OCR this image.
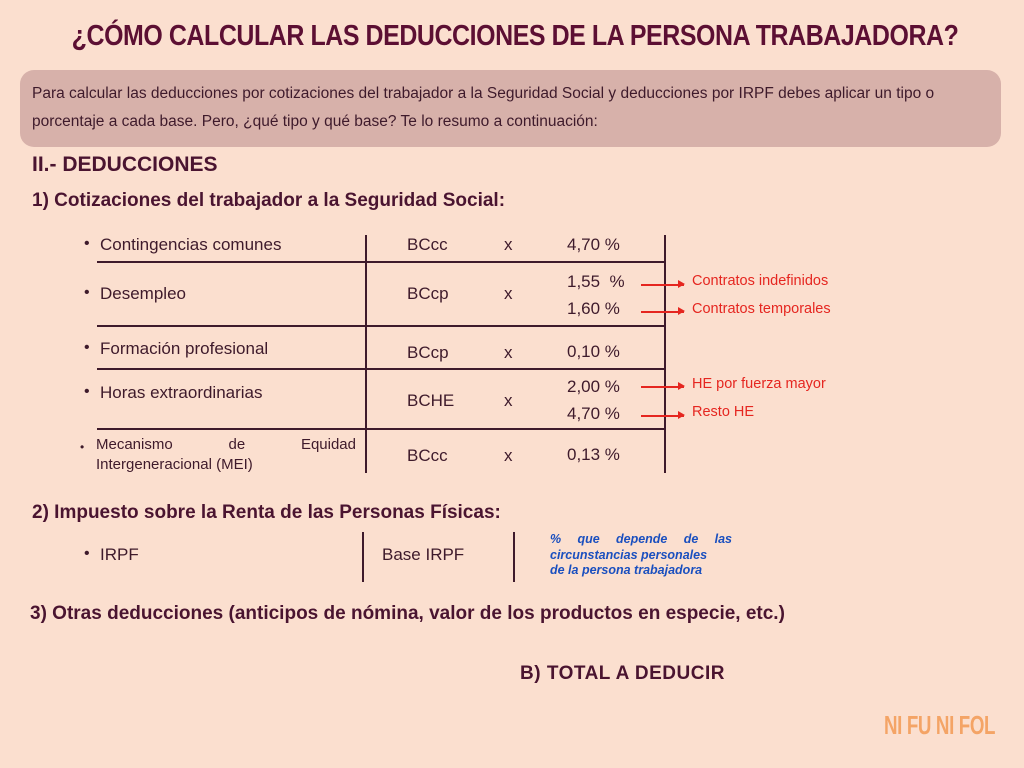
¿CÓMO CALCULAR LAS DEDUCCIONES DE LA PERSONA TRABAJADORA?
Para calcular las deducciones por cotizaciones del trabajador a la Seguridad Social y deducciones por IRPF debes aplicar un tipo o porcentaje a cada base. Pero, ¿qué tipo y qué base? Te lo resumo a continuación:
II.- DEDUCCIONES
1) Cotizaciones del trabajador a la Seguridad Social:
• Contingencias comunes	BCcc	x	4,70 %
• Desempleo	BCcp	x
1,55  %
1,60 %
Contratos indefinidos
Contratos temporales
• Formación profesional	BCcp	x	0,10 %
• Horas extraordinarias	BCHE	x
2,00 %
4,70 %
HE por fuerza mayor
Resto HE
• Mecanismo de Equidad
Intergeneracional (MEI)	BCcc	x	0,13 %
2) Impuesto sobre la Renta de las Personas Físicas:
• IRPF	Base IRPF
% que depende de las
circunstancias personales
de la persona trabajadora
3) Otras deducciones (anticipos de nómina, valor de los productos en especie, etc.)
B) TOTAL A DEDUCIR
NI FU NI FOL
